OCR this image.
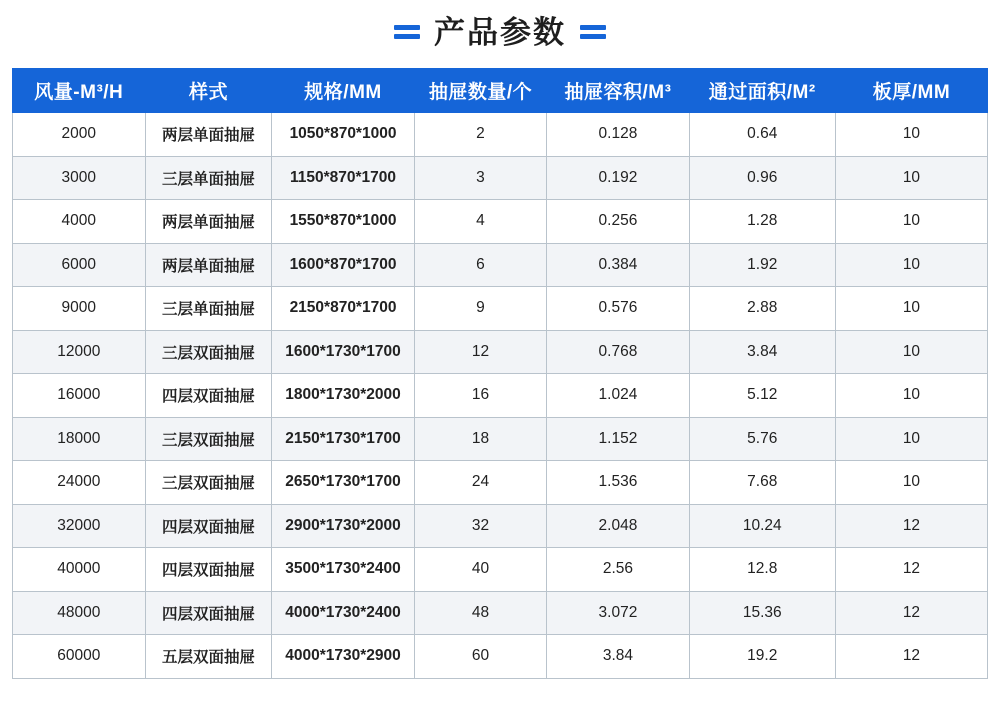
产品参数
风量-M³/H	样式	规格/MM	抽屉数量/个	抽屉容积/M³	通过面积/M²	板厚/MM
2000	两层单面抽屉	1050*870*1000	2	0.128	0.64	10
3000	三层单面抽屉	1150*870*1700	3	0.192	0.96	10
4000	两层单面抽屉	1550*870*1000	4	0.256	1.28	10
6000	两层单面抽屉	1600*870*1700	6	0.384	1.92	10
9000	三层单面抽屉	2150*870*1700	9	0.576	2.88	10
12000	三层双面抽屉	1600*1730*1700	12	0.768	3.84	10
16000	四层双面抽屉	1800*1730*2000	16	1.024	5.12	10
18000	三层双面抽屉	2150*1730*1700	18	1.152	5.76	10
24000	三层双面抽屉	2650*1730*1700	24	1.536	7.68	10
32000	四层双面抽屉	2900*1730*2000	32	2.048	10.24	12
40000	四层双面抽屉	3500*1730*2400	40	2.56	12.8	12
48000	四层双面抽屉	4000*1730*2400	48	3.072	15.36	12
60000	五层双面抽屉	4000*1730*2900	60	3.84	19.2	12
